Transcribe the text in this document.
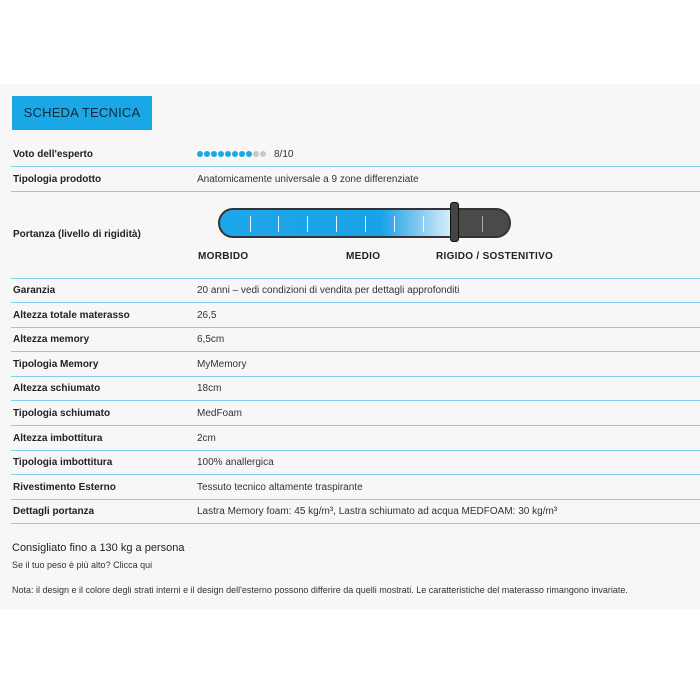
SCHEDA TECNICA
Voto dell'esperto	8/10
Tipologia prodotto	Anatomicamente universale a 9 zone differenziate
Portanza (livello di rigidità)
MORBIDO	MEDIO	RIGIDO / SOSTENITIVO
Garanzia	20 anni – vedi condizioni di vendita per dettagli approfonditi
Altezza totale materasso	26,5
Altezza memory	6,5cm
Tipologia Memory	MyMemory
Altezza schiumato	18cm
Tipologia schiumato	MedFoam
Altezza imbottitura	2cm
Tipologia imbottitura	100% anallergica
Rivestimento Esterno	Tessuto tecnico altamente traspirante
Dettagli portanza	Lastra Memory foam: 45 kg/m³, Lastra schiumato ad acqua MEDFOAM: 30 kg/m³
Consigliato fino a 130 kg a persona
Se il tuo peso è più alto? Clicca qui
Nota: il design e il colore degli strati interni e il design dell'esterno possono differire da quelli mostrati. Le caratteristiche del materasso rimangono invariate.
